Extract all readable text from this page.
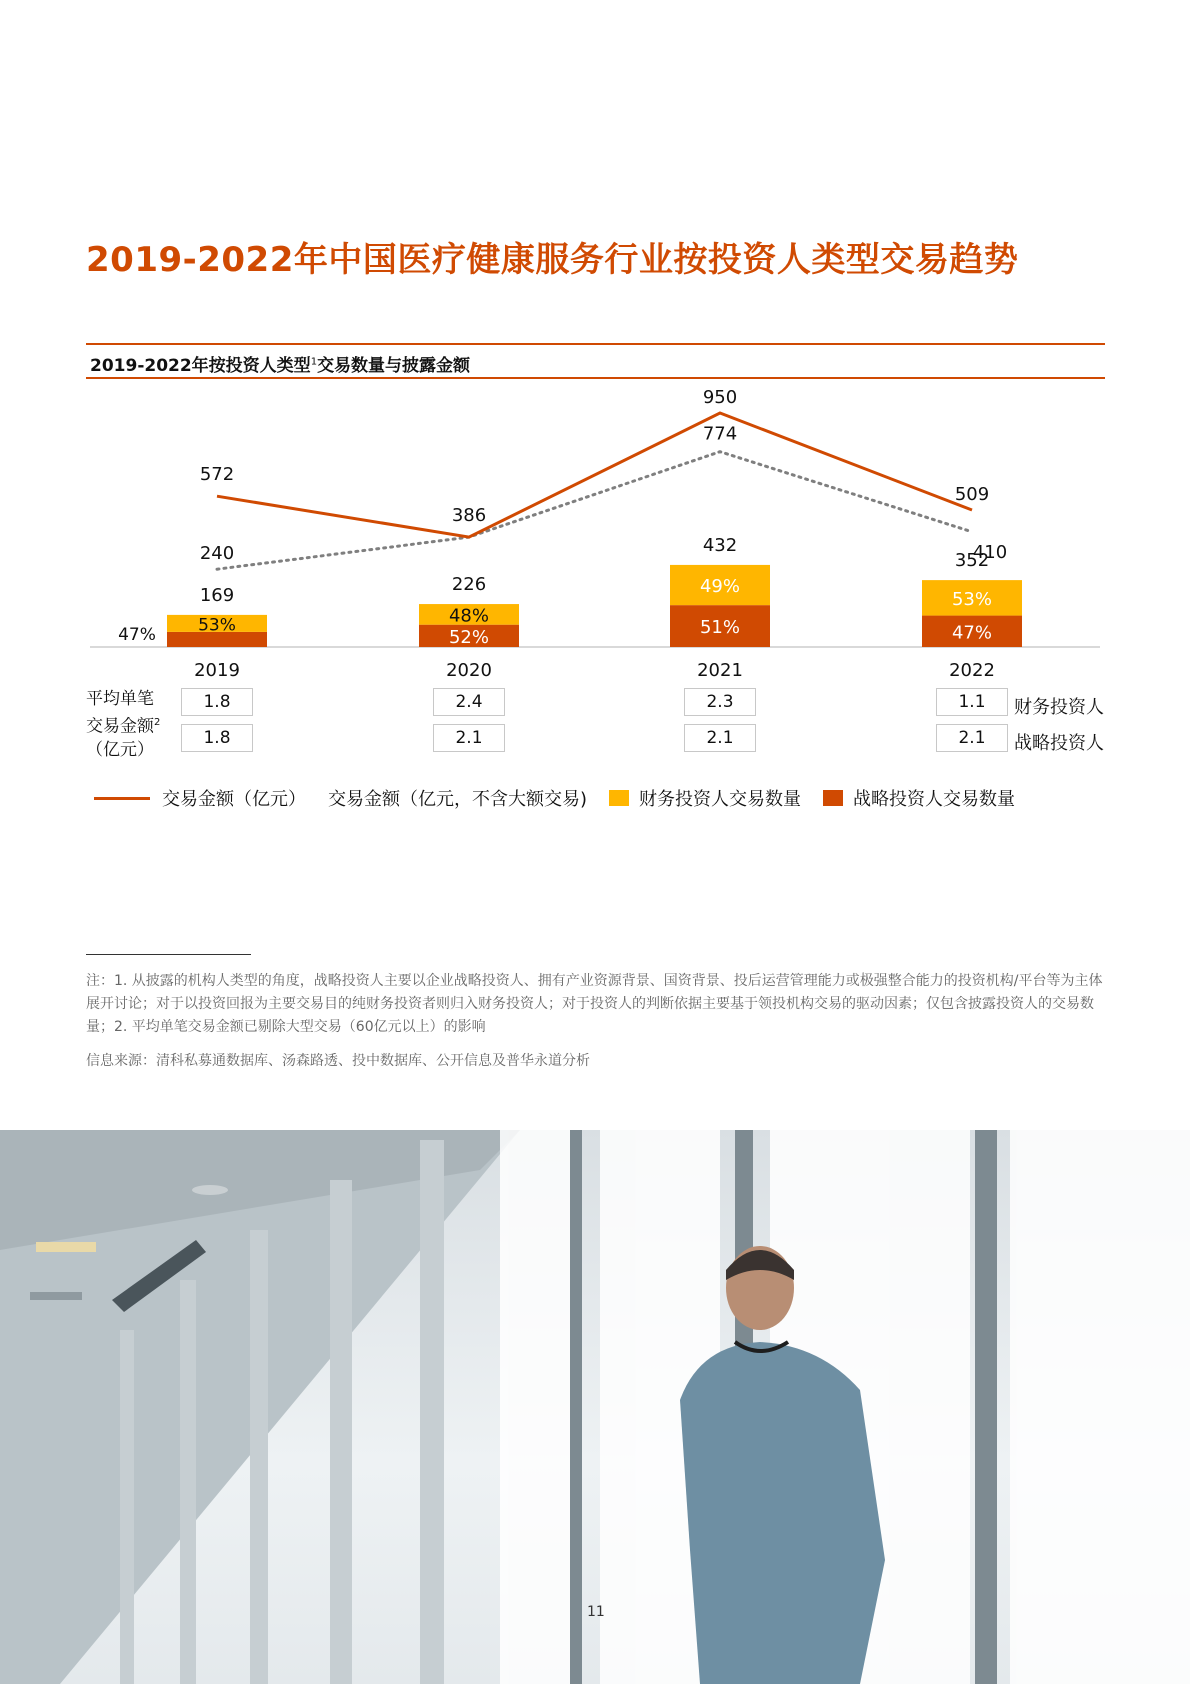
2019-2022年中国医疗健康服务行业按投资人类型交易趋势
2019-2022年按投资人类型$^1$交易数量与披露金额
169
53%
47%
2019
226
48%
52%
2020
432
49%
51%
2021
352
53%
47%
2022
572
386
950
509
240
774
410
平均单笔
交易金额$^2$
（亿元）
1.8	2.4	2.3	1.1
1.8	2.1	2.1	2.1
财务投资人
战略投资人
交易金额（亿元） 交易金额（亿元，不含大额交易)	财务投资人交易数量	战略投资人交易数量
注：1. 从披露的机构人类型的角度，战略投资人主要以企业战略投资人、拥有产业资源背景、国资背景、投后运营管理能力或极强整合能力的投资机构/平台等为主体展开讨论；对于以投资回报为主要交易目的纯财务投资者则归入财务投资人；对于投资人的判断依据主要基于领投机构交易的驱动因素；仅包含披露投资人的交易数量；2. 平均单笔交易金额已剔除大型交易（60亿元以上）的影响
信息来源：清科私募通数据库、汤森路透、投中数据库、公开信息及普华永道分析
11
